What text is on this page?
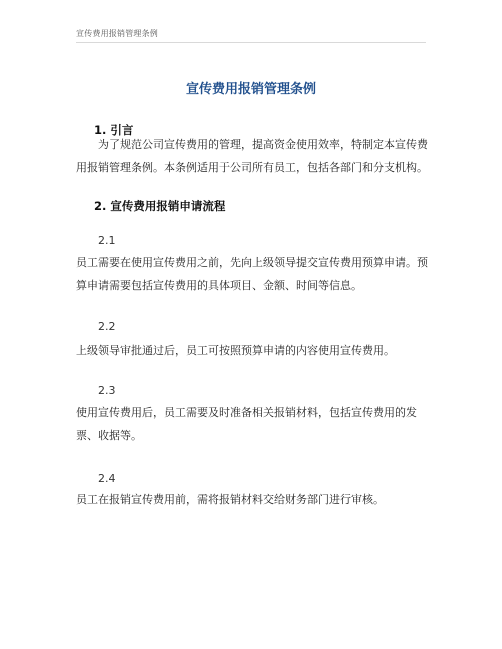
宣传费用报销管理条例
宣传费用报销管理条例
1. 引言
为了规范公司宣传费用的管理，提高资金使用效率，特制定本宣传费用报销管理条例。本条例适用于公司所有员工，包括各部门和分支机构。
2. 宣传费用报销申请流程
2.1
员工需要在使用宣传费用之前，先向上级领导提交宣传费用预算申请。预算申请需要包括宣传费用的具体项目、金额、时间等信息。
2.2
上级领导审批通过后，员工可按照预算申请的内容使用宣传费用。
2.3
使用宣传费用后，员工需要及时准备相关报销材料，包括宣传费用的发票、收据等。
2.4
员工在报销宣传费用前，需将报销材料交给财务部门进行审核。
